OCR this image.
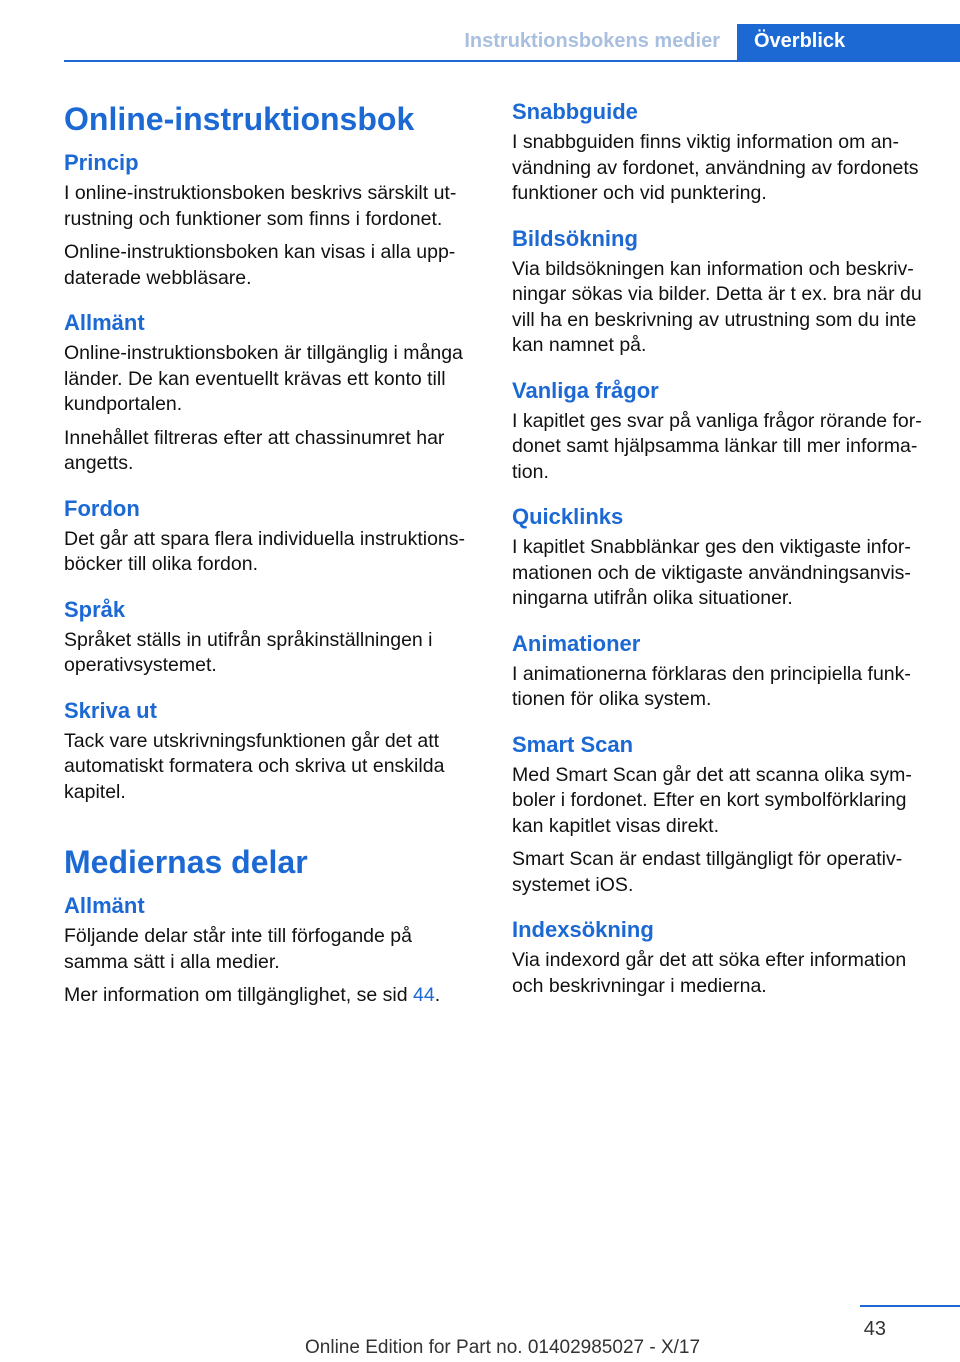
Instruktionsbokens medier	Överblick
Online-instruktionsbok
Princip

I online-instruktionsboken beskrivs särskilt ut-rustning och funktioner som finns i fordonet.

Online-instruktionsboken kan visas i alla upp-daterade webbläsare.

Allmänt

Online-instruktionsboken är tillgänglig i många länder. De kan eventuellt krävas ett konto till kundportalen.

Innehållet filtreras efter att chassinumret har angetts.

Fordon

Det går att spara flera individuella instruktions-böcker till olika fordon.

Språk

Språket ställs in utifrån språkinställningen i operativsystemet.

Skriva ut

Tack vare utskrivningsfunktionen går det att automatiskt formatera och skriva ut enskilda kapitel.

Mediernas delar
Allmänt

Följande delar står inte till förfogande på samma sätt i alla medier.

Mer information om tillgänglighet, se sid 44.

Snabbguide

I snabbguiden finns viktig information om an-vändning av fordonet, användning av fordonets funktioner och vid punktering.

Bildsökning

Via bildsökningen kan information och beskriv-ningar sökas via bilder. Detta är t ex. bra när du vill ha en beskrivning av utrustning som du inte kan namnet på.

Vanliga frågor

I kapitlet ges svar på vanliga frågor rörande for-donet samt hjälpsamma länkar till mer informa-tion.

Quicklinks

I kapitlet Snabblänkar ges den viktigaste infor-mationen och de viktigaste användningsanvis-ningarna utifrån olika situationer.

Animationer

I animationerna förklaras den principiella funk-tionen för olika system.

Smart Scan

Med Smart Scan går det att scanna olika sym-boler i fordonet. Efter en kort symbolförklaring kan kapitlet visas direkt.

Smart Scan är endast tillgängligt för operativ-systemet iOS.

Indexsökning

Via indexord går det att söka efter information och beskrivningar i medierna.

43
Online Edition for Part no. 01402985027 - X/17
